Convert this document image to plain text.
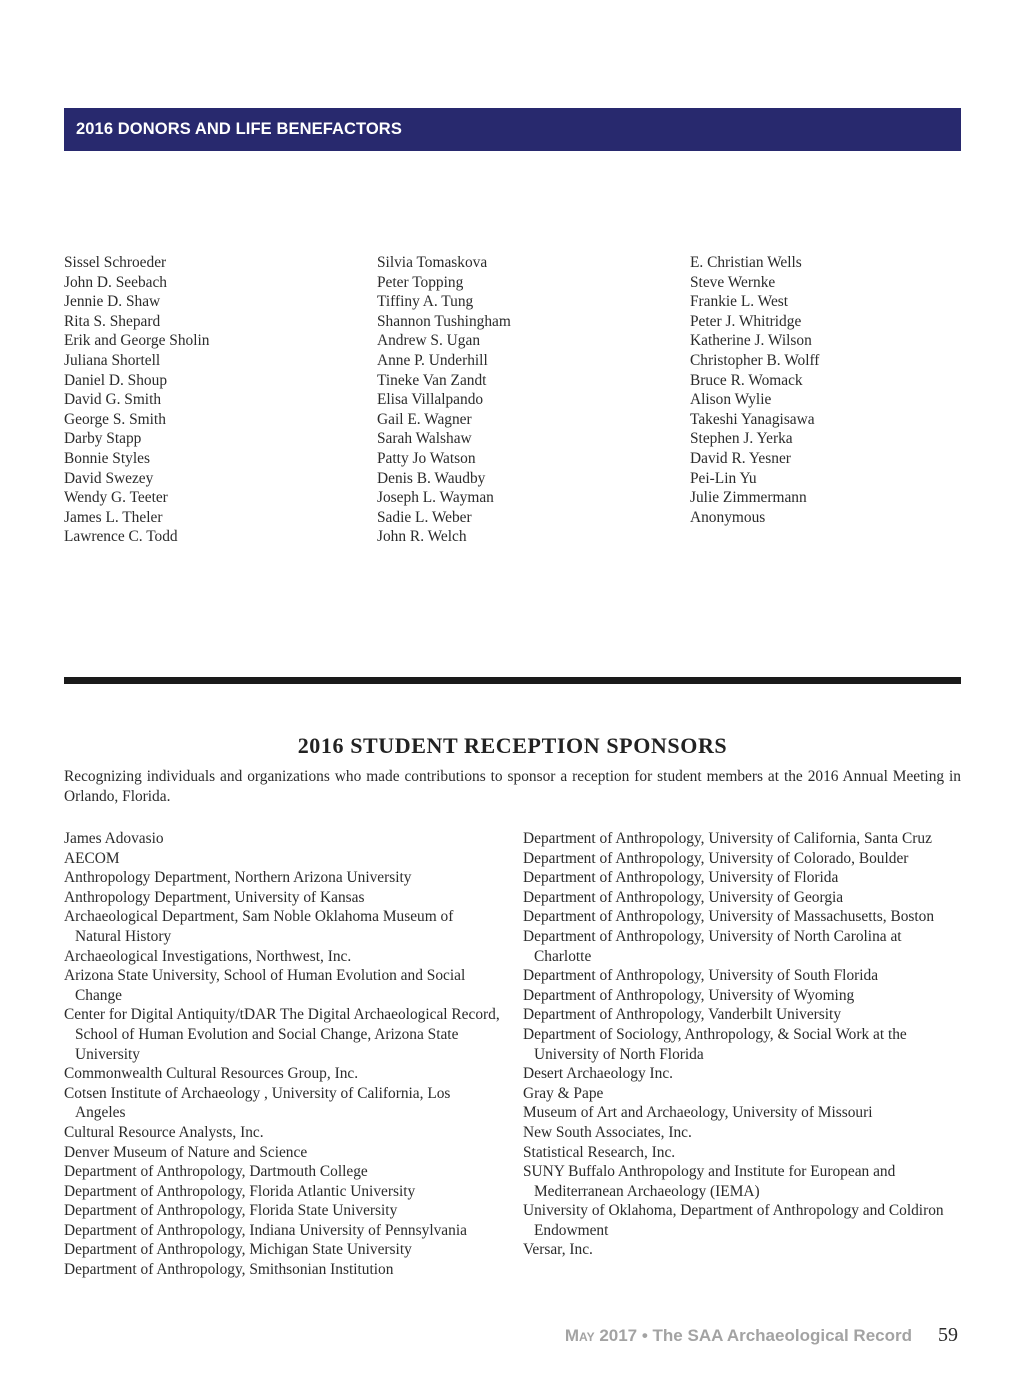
2016 DONORS AND LIFE BENEFACTORS
Sissel Schroeder
John D. Seebach
Jennie D. Shaw
Rita S. Shepard
Erik and George Sholin
Juliana Shortell
Daniel D. Shoup
David G. Smith
George S. Smith
Darby Stapp
Bonnie Styles
David Swezey
Wendy G. Teeter
James L. Theler
Lawrence C. Todd
Silvia Tomaskova
Peter Topping
Tiffiny A. Tung
Shannon Tushingham
Andrew S. Ugan
Anne P. Underhill
Tineke Van Zandt
Elisa Villalpando
Gail E. Wagner
Sarah Walshaw
Patty Jo Watson
Denis B. Waudby
Joseph L. Wayman
Sadie L. Weber
John R. Welch
E. Christian Wells
Steve Wernke
Frankie L. West
Peter J. Whitridge
Katherine J. Wilson
Christopher B. Wolff
Bruce R. Womack
Alison Wylie
Takeshi Yanagisawa
Stephen J. Yerka
David R. Yesner
Pei-Lin Yu
Julie Zimmermann
Anonymous
2016 STUDENT RECEPTION SPONSORS

Recognizing individuals and organizations who made contributions to sponsor a reception for student members at the 2016 Annual Meeting in Orlando, Florida.

James Adovasio
AECOM
Anthropology Department, Northern Arizona University
Anthropology Department, University of Kansas
Archaeological Department, Sam Noble Oklahoma Museum of Natural History
Archaeological Investigations, Northwest, Inc.
Arizona State University, School of Human Evolution and Social Change
Center for Digital Antiquity/tDAR The Digital Archaeological Record, School of Human Evolution and Social Change, Arizona State University
Commonwealth Cultural Resources Group, Inc.
Cotsen Institute of Archaeology , University of California, Los Angeles
Cultural Resource Analysts, Inc.
Denver Museum of Nature and Science
Department of Anthropology, Dartmouth College
Department of Anthropology, Florida Atlantic University
Department of Anthropology, Florida State University
Department of Anthropology, Indiana University of Pennsylvania
Department of Anthropology, Michigan State University
Department of Anthropology, Smithsonian Institution
Department of Anthropology, University of California, Santa Cruz
Department of Anthropology, University of Colorado, Boulder
Department of Anthropology, University of Florida
Department of Anthropology, University of Georgia
Department of Anthropology, University of Massachusetts, Boston
Department of Anthropology, University of North Carolina at Charlotte
Department of Anthropology, University of South Florida
Department of Anthropology, University of Wyoming
Department of Anthropology, Vanderbilt University
Department of Sociology, Anthropology, & Social Work at the University of North Florida
Desert Archaeology Inc.
Gray & Pape
Museum of Art and Archaeology, University of Missouri
New South Associates, Inc.
Statistical Research, Inc.
SUNY Buffalo Anthropology and Institute for European and Mediterranean Archaeology (IEMA)
University of Oklahoma, Department of Anthropology and Coldiron Endowment
Versar, Inc.
May 2017 • The SAA Archaeological Record 59
